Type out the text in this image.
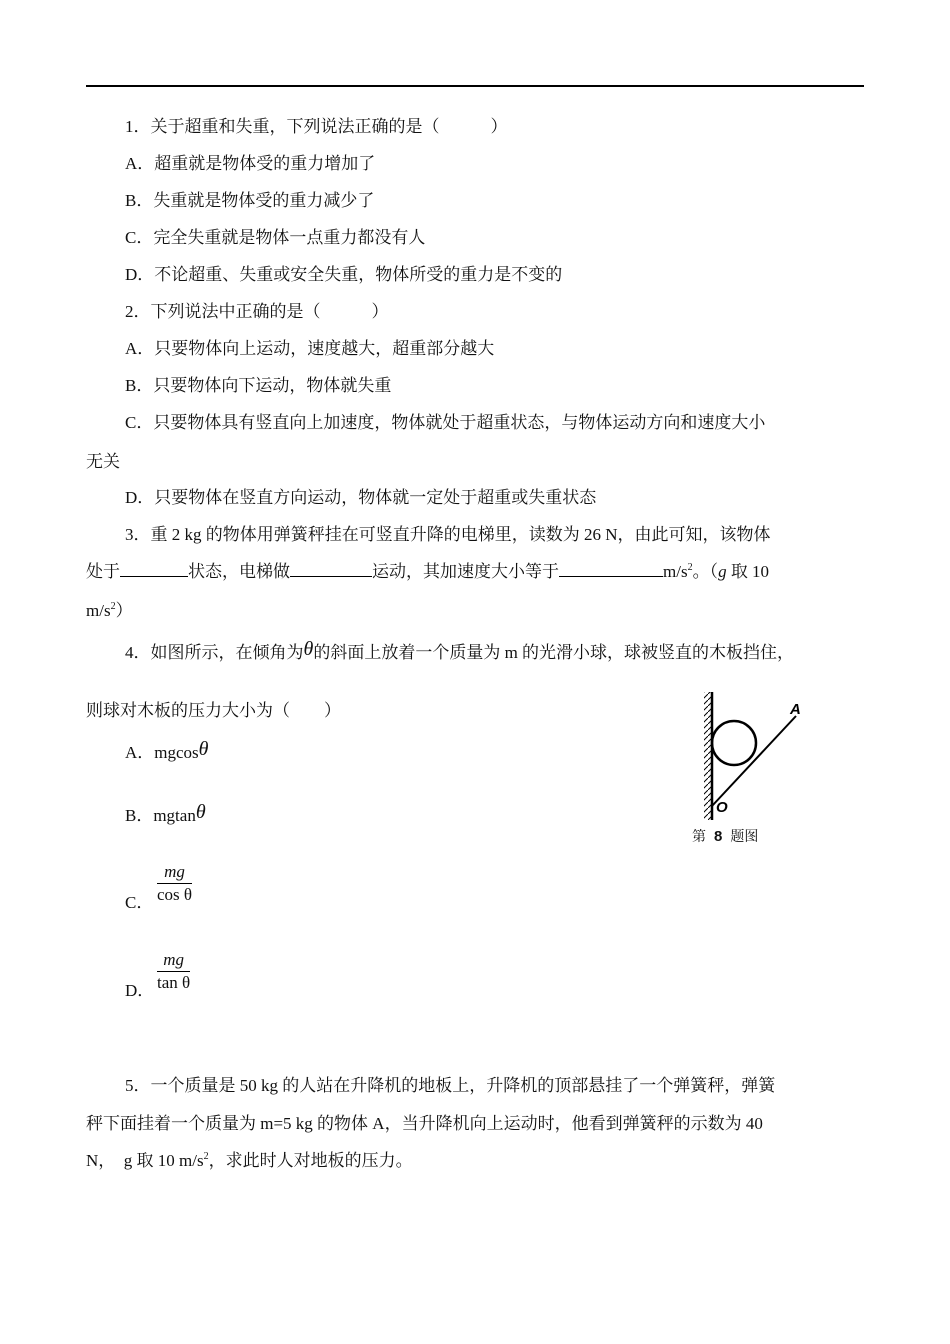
1．关于超重和失重，下列说法正确的是（　　　）
A．超重就是物体受的重力增加了
B．失重就是物体受的重力减少了
C．完全失重就是物体一点重力都没有人
D．不论超重、失重或安全失重，物体所受的重力是不变的
2．下列说法中正确的是（　　　）
A．只要物体向上运动，速度越大，超重部分越大
B．只要物体向下运动，物体就失重
C．只要物体具有竖直向上加速度，物体就处于超重状态，与物体运动方向和速度大小
无关
D．只要物体在竖直方向运动，物体就一定处于超重或失重状态
3．重 2 kg 的物体用弹簧秤挂在可竖直升降的电梯里，读数为 26 N，由此可知，该物体
处于	状态，电梯做	运动，其加速度大小等于	$m/s^2$。（g 取 10
$m/s^2$）
4．如图所示，在倾角为θ的斜面上放着一个质量为 m 的光滑小球，球被竖直的木板挡住，
则球对木板的压力大小为（　　）
A．mgcosθ
B．mgtanθ
C． $\frac{mg}{\text{cos θ}}$
D． $\frac{mg}{\text{tan θ}}$
A
O
第 8 题图
5．一个质量是 50 kg 的人站在升降机的地板上，升降机的顶部悬挂了一个弹簧秤，弹簧
秤下面挂着一个质量为 m=5 kg 的物体 A，当升降机向上运动时，他看到弹簧秤的示数为 40
N，　g 取 10 $m/s^2$，求此时人对地板的压力。
